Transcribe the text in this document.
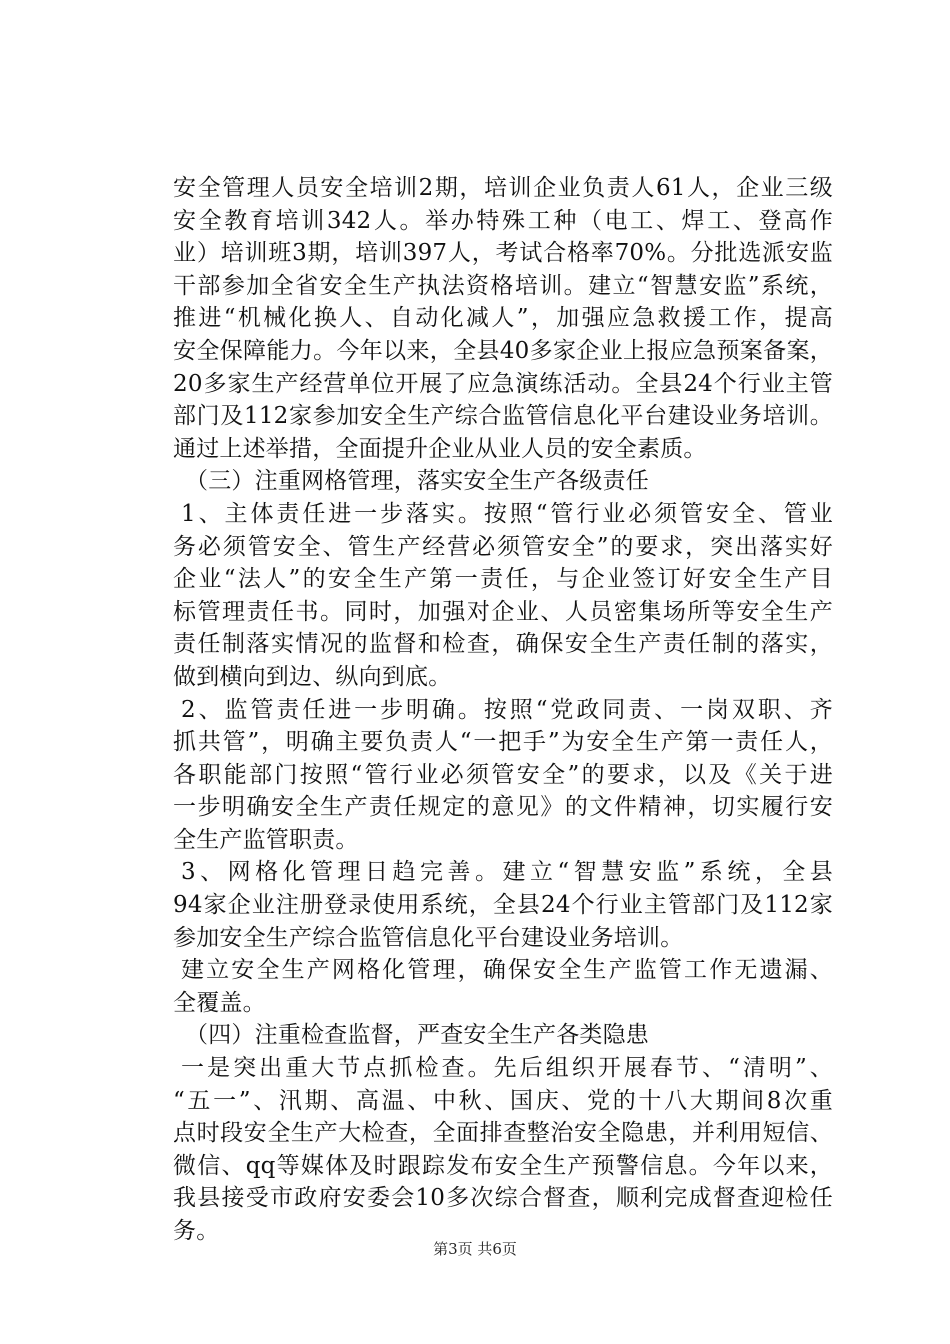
安全管理人员安全培训2期，培训企业负责人61人，企业三级
安全教育培训342人。举办特殊工种（电工、焊工、登高作
业）培训班3期，培训397人，考试合格率70%。分批选派安监
干部参加全省安全生产执法资格培训。建立“智慧安监”系统，
推进“机械化换人、自动化减人”，加强应急救援工作，提高
安全保障能力。今年以来，全县40多家企业上报应急预案备案，
20多家生产经营单位开展了应急演练活动。全县24个行业主管
部门及112家参加安全生产综合监管信息化平台建设业务培训。
通过上述举措，全面提升企业从业人员的安全素质。
（三）注重网格管理，落实安全生产各级责任
1、主体责任进一步落实。按照“管行业必须管安全、管业
务必须管安全、管生产经营必须管安全”的要求，突出落实好
企业“法人”的安全生产第一责任，与企业签订好安全生产目
标管理责任书。同时，加强对企业、人员密集场所等安全生产
责任制落实情况的监督和检查，确保安全生产责任制的落实，
做到横向到边、纵向到底。
2、监管责任进一步明确。按照“党政同责、一岗双职、齐
抓共管”，明确主要负责人“一把手”为安全生产第一责任人，
各职能部门按照“管行业必须管安全”的要求，以及《关于进
一步明确安全生产责任规定的意见》的文件精神，切实履行安
全生产监管职责。
3、网格化管理日趋完善。建立“智慧安监”系统，全县
94家企业注册登录使用系统，全县24个行业主管部门及112家
参加安全生产综合监管信息化平台建设业务培训。
建立安全生产网格化管理，确保安全生产监管工作无遗漏、
全覆盖。
（四）注重检查监督，严查安全生产各类隐患
一是突出重大节点抓检查。先后组织开展春节、“清明”、
“五一”、汛期、高温、中秋、国庆、党的十八大期间8次重
点时段安全生产大检查，全面排查整治安全隐患，并利用短信、
微信、qq等媒体及时跟踪发布安全生产预警信息。今年以来，
我县接受市政府安委会10多次综合督查，顺利完成督查迎检任
务。
第3页 共6页
